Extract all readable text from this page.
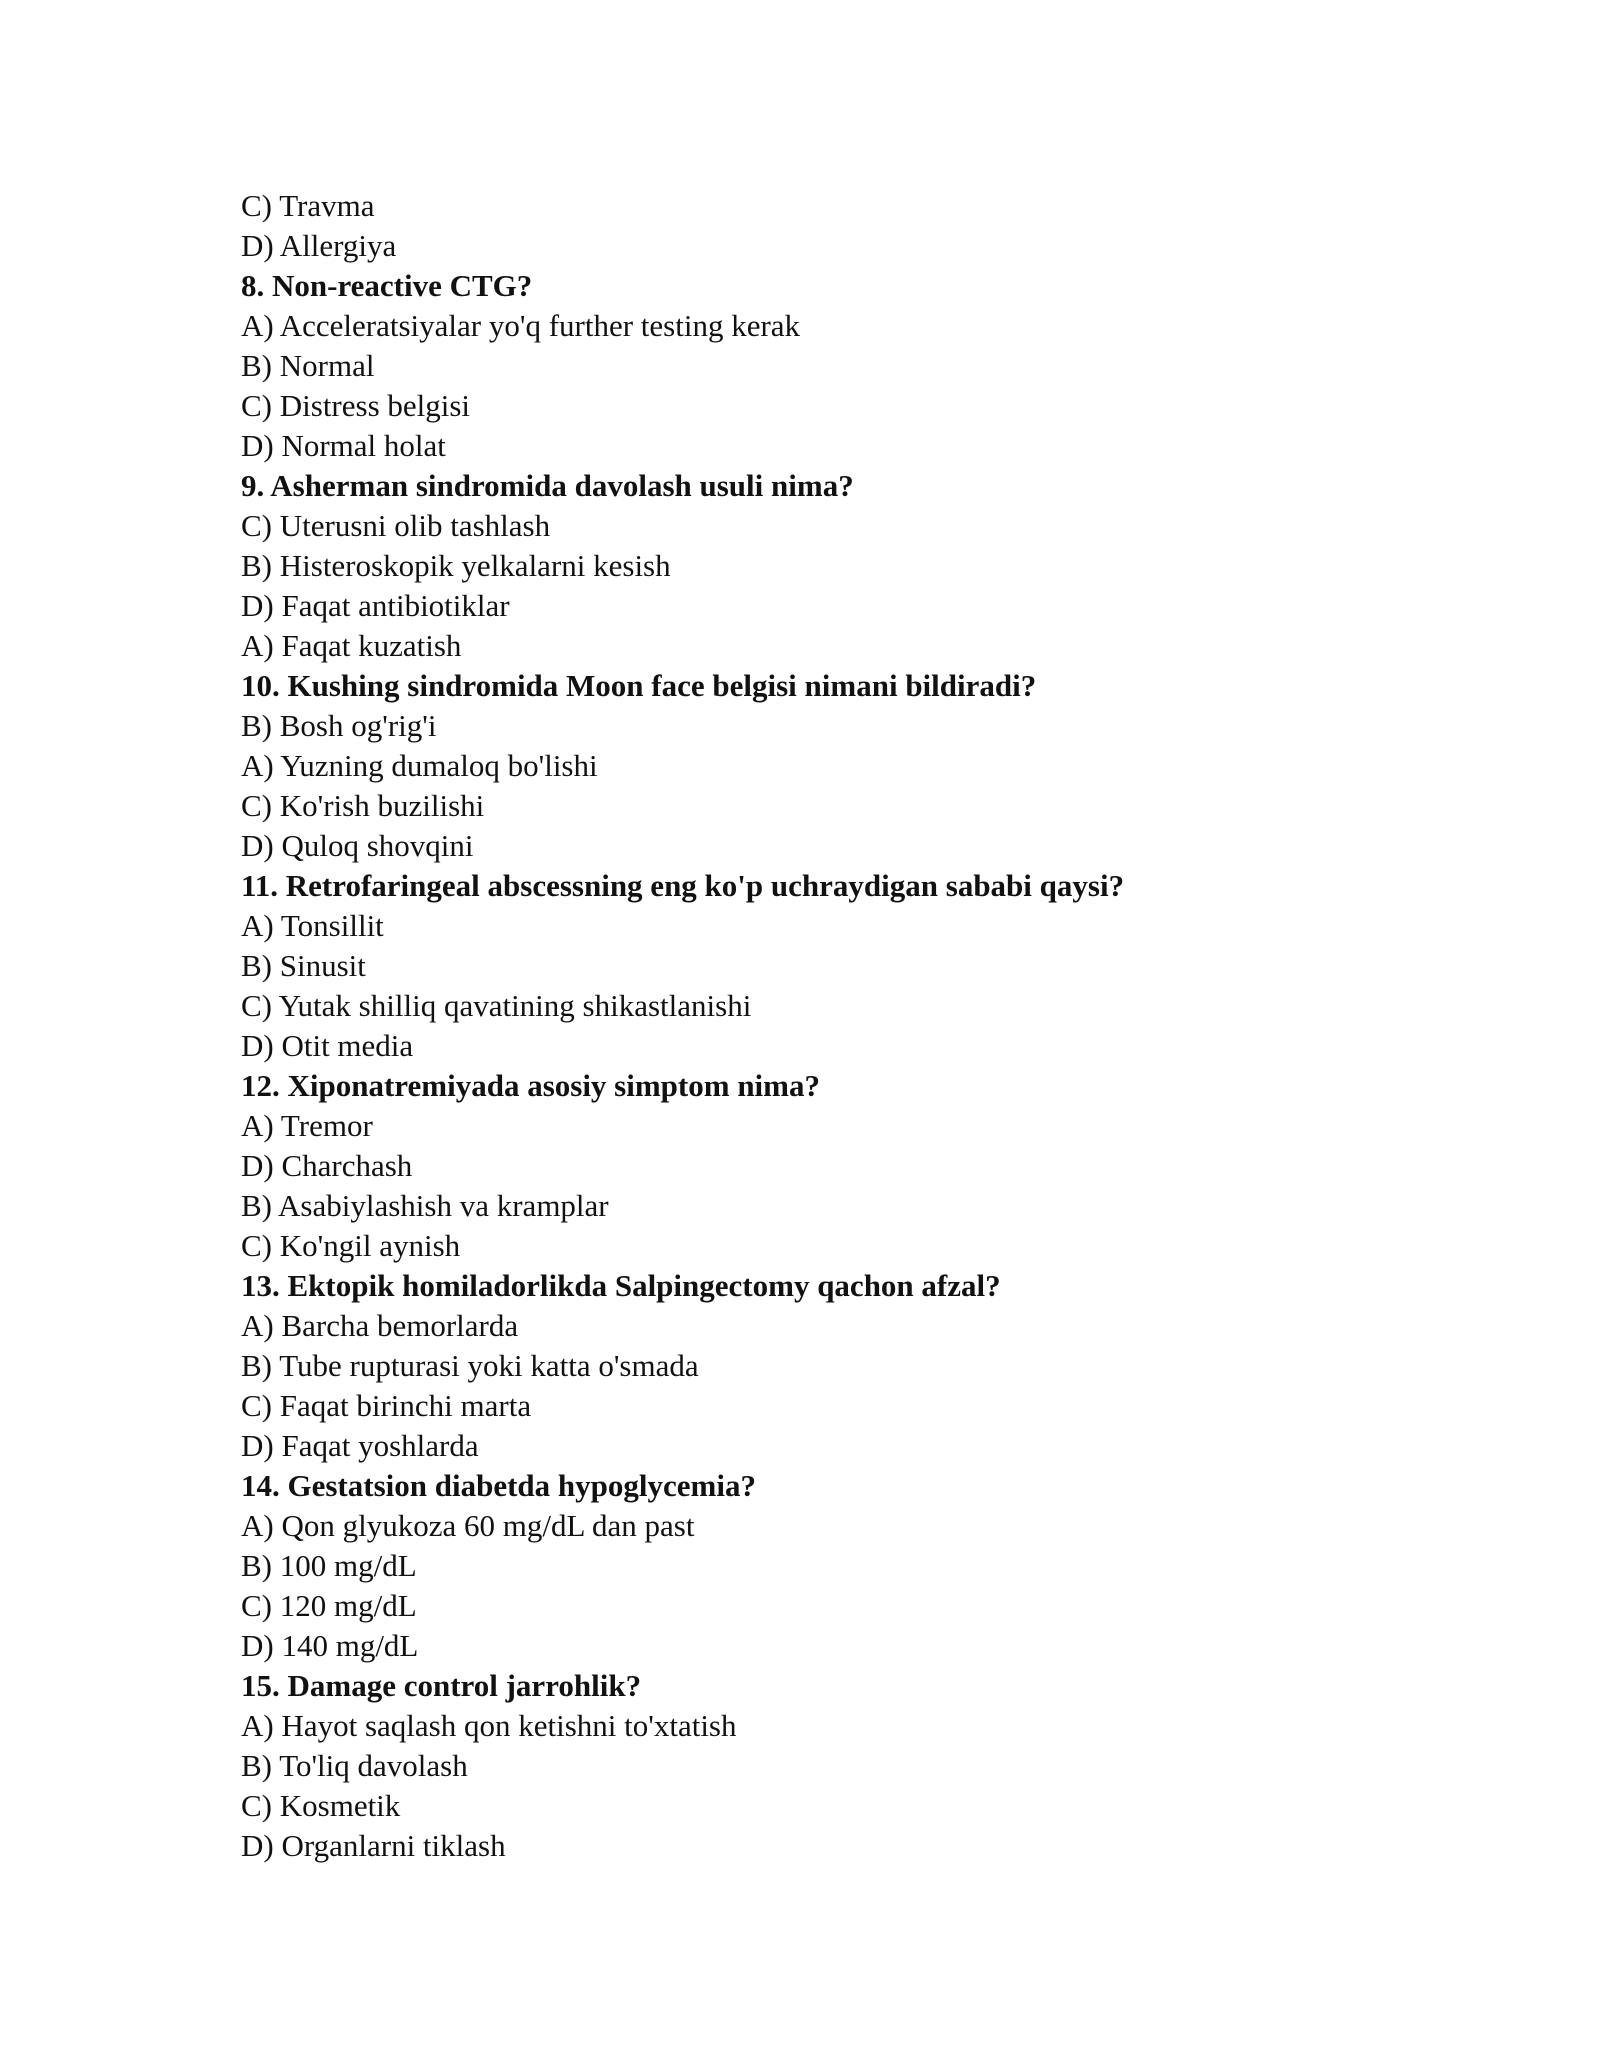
C) Travma
D) Allergiya
8. Non-reactive CTG?
A) Acceleratsiyalar yo'q further testing kerak
B) Normal
C) Distress belgisi
D) Normal holat
9. Asherman sindromida davolash usuli nima?
C) Uterusni olib tashlash
B) Histeroskopik yelkalarni kesish
D) Faqat antibiotiklar
A) Faqat kuzatish
10. Kushing sindromida Moon face belgisi nimani bildiradi?
B) Bosh og'rig'i
A) Yuzning dumaloq bo'lishi
C) Ko'rish buzilishi
D) Quloq shovqini
11. Retrofaringeal abscessning eng ko'p uchraydigan sababi qaysi?
A) Tonsillit
B) Sinusit
C) Yutak shilliq qavatining shikastlanishi
D) Otit media
12. Xiponatremiyada asosiy simptom nima?
A) Tremor
D) Charchash
B) Asabiylashish va kramplar
C) Ko'ngil aynish
13. Ektopik homiladorlikda Salpingectomy qachon afzal?
A) Barcha bemorlarda
B) Tube rupturasi yoki katta o'smada
C) Faqat birinchi marta
D) Faqat yoshlarda
14. Gestatsion diabetda hypoglycemia?
A) Qon glyukoza 60 mg/dL dan past
B) 100 mg/dL
C) 120 mg/dL
D) 140 mg/dL
15. Damage control jarrohlik?
A) Hayot saqlash qon ketishni to'xtatish
B) To'liq davolash
C) Kosmetik
D) Organlarni tiklash
